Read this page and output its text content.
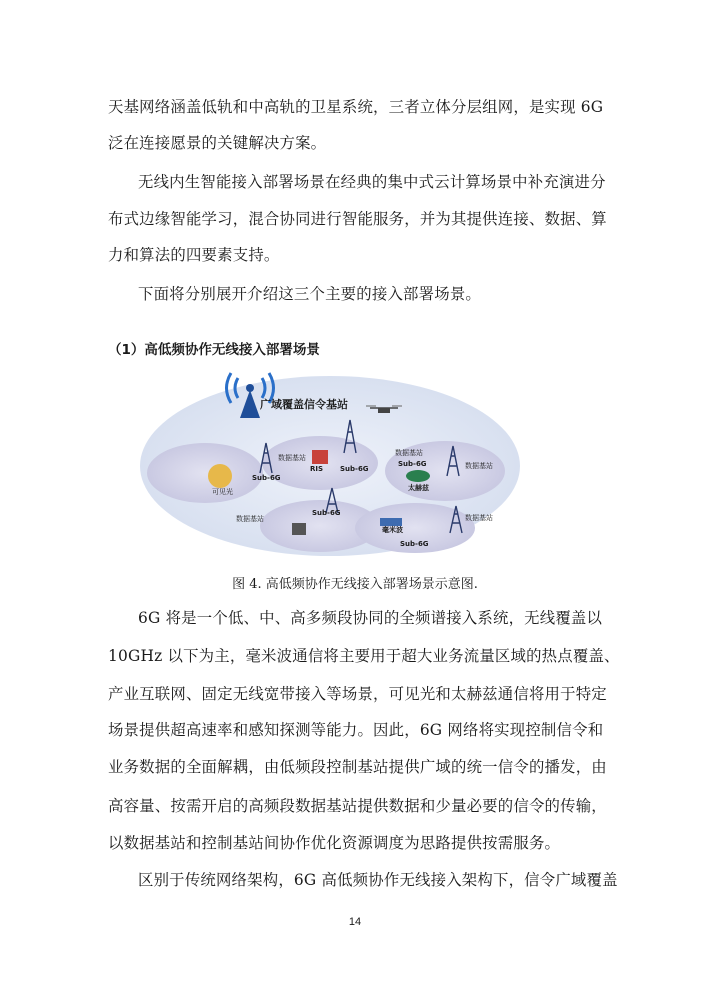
天基网络涵盖低轨和中高轨的卫星系统，三者立体分层组网，是实现 6G
泛在连接愿景的关键解决方案。
无线内生智能接入部署场景在经典的集中式云计算场景中补充演进分
布式边缘智能学习，混合协同进行智能服务，并为其提供连接、数据、算
力和算法的四要素支持。
下面将分别展开介绍这三个主要的接入部署场景。
（1）高低频协作无线接入部署场景
广域覆盖信令基站
数据基站
Sub-6G
可见光
RIS Sub-6G
数据基站
Sub-6G
太赫兹
数据基站
数据基站
Sub-6G
毫米波
数据基站
Sub-6G
图 4. 高低频协作无线接入部署场景示意图.
6G 将是一个低、中、高多频段协同的全频谱接入系统，无线覆盖以
10GHz 以下为主，毫米波通信将主要用于超大业务流量区域的热点覆盖、
产业互联网、固定无线宽带接入等场景，可见光和太赫兹通信将用于特定
场景提供超高速率和感知探测等能力。因此，6G 网络将实现控制信令和
业务数据的全面解耦，由低频段控制基站提供广域的统一信令的播发，由
高容量、按需开启的高频段数据基站提供数据和少量必要的信令的传输，
以数据基站和控制基站间协作优化资源调度为思路提供按需服务。
区别于传统网络架构，6G 高低频协作无线接入架构下，信令广域覆盖
14
